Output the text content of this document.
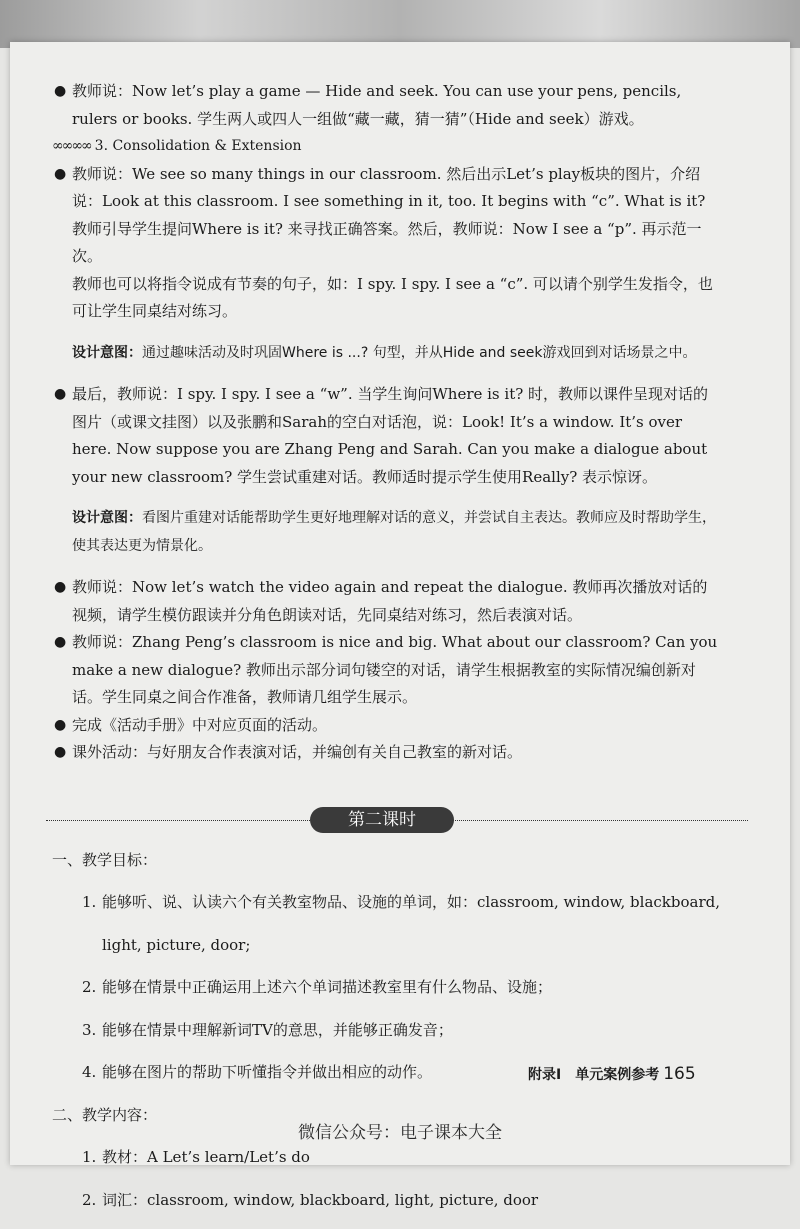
● 教师说：Now let’s play a game — Hide and seek. You can use your pens, pencils, rulers or books. 学生两人或四人一组做“藏一藏，猜一猜”（Hide and seek）游戏。

∞∞∞∞ 3. Consolidation & Extension

● 教师说：We see so many things in our classroom. 然后出示Let’s play板块的图片，介绍说：Look at this classroom. I see something in it, too. It begins with “c”. What is it? 教师引导学生提问Where is it? 来寻找正确答案。然后，教师说：Now I see a “p”. 再示范一次。

教师也可以将指令说成有节奏的句子，如：I spy. I spy. I see a “c”. 可以请个别学生发指令，也可让学生同桌结对练习。

设计意图：通过趣味活动及时巩固Where is ...? 句型，并从Hide and seek游戏回到对话场景之中。

● 最后，教师说：I spy. I spy. I see a “w”. 当学生询问Where is it? 时，教师以课件呈现对话的图片（或课文挂图）以及张鹏和Sarah的空白对话泡，说：Look! It’s a window. It’s over here. Now suppose you are Zhang Peng and Sarah. Can you make a dialogue about your new classroom? 学生尝试重建对话。教师适时提示学生使用Really? 表示惊讶。

设计意图：看图片重建对话能帮助学生更好地理解对话的意义，并尝试自主表达。教师应及时帮助学生，使其表达更为情景化。

● 教师说：Now let’s watch the video again and repeat the dialogue. 教师再次播放对话的视频，请学生模仿跟读并分角色朗读对话，先同桌结对练习，然后表演对话。

● 教师说：Zhang Peng’s classroom is nice and big. What about our classroom? Can you make a new dialogue? 教师出示部分词句镂空的对话，请学生根据教室的实际情况编创新对话。学生同桌之间合作准备，教师请几组学生展示。

● 完成《活动手册》中对应页面的活动。

● 课外活动：与好朋友合作表演对话，并编创有关自己教室的新对话。

第二课时

一、教学目标：

1. 能够听、说、认读六个有关教室物品、设施的单词，如：classroom, window, blackboard,

light, picture, door;

2. 能够在情景中正确运用上述六个单词描述教室里有什么物品、设施；

3. 能够在情景中理解新词TV的意思，并能够正确发音；

4. 能够在图片的帮助下听懂指令并做出相应的动作。

二、教学内容：

1. 教材：A Let’s learn/Let’s do

2. 词汇：classroom, window, blackboard, light, picture, door

附录I　单元案例参考 165
微信公众号：电子课本大全
